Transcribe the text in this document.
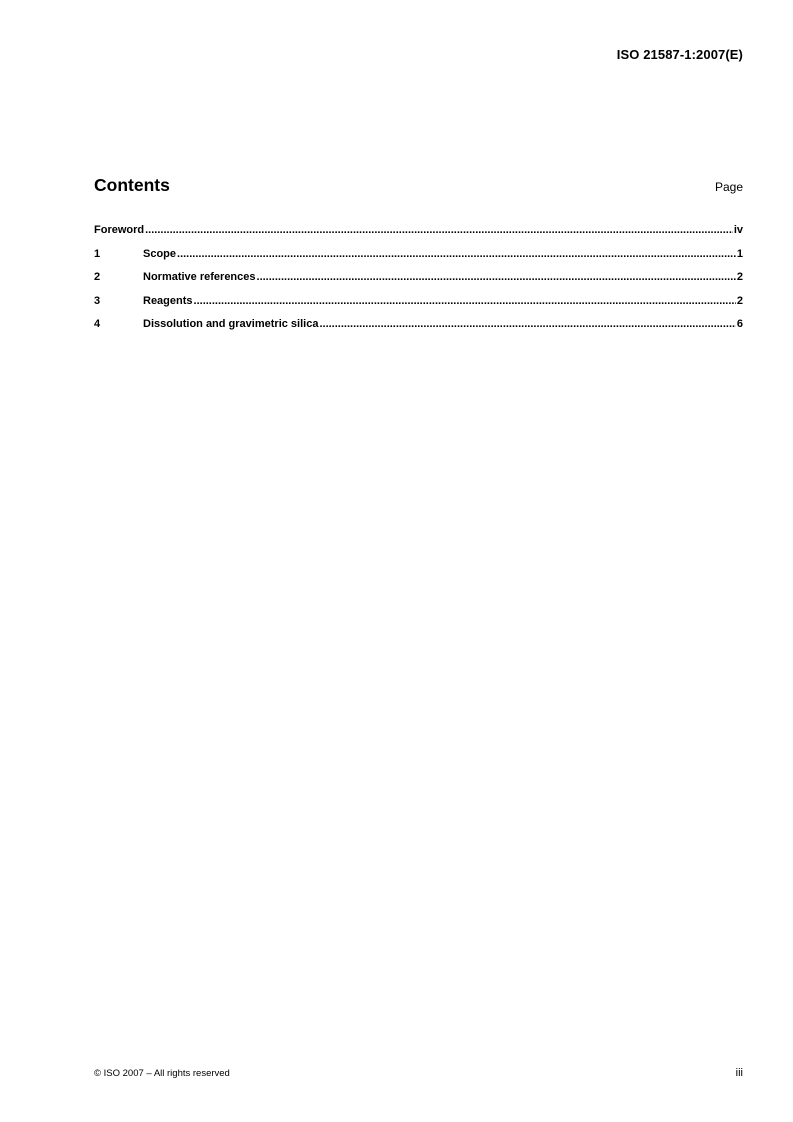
ISO 21587-1:2007(E)
Contents	Page
Foreword .....	iv
1	Scope .....	1
2	Normative references .....	2
3	Reagents .....	2
4	Dissolution and gravimetric silica .....	6
© ISO 2007 – All rights reserved	iii
